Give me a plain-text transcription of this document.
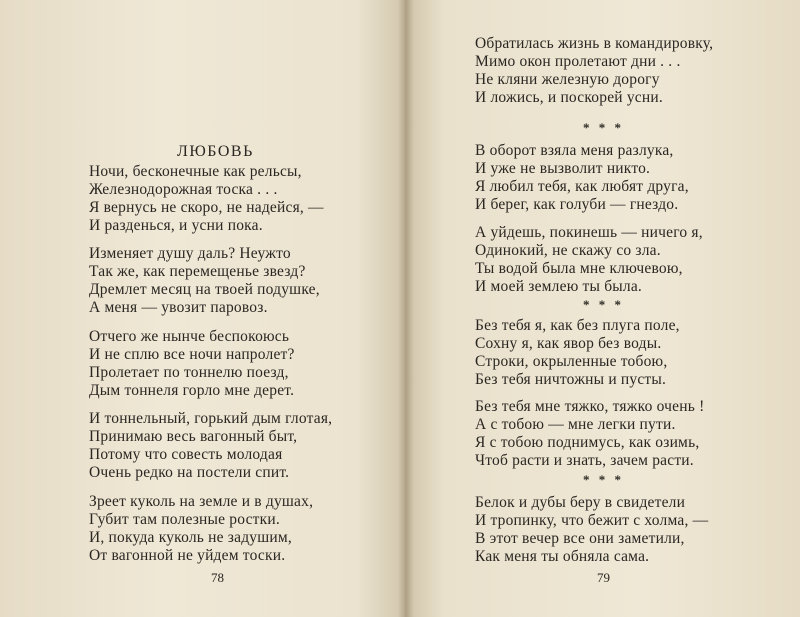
ЛЮБОВЬ
Ночи, бесконечные как рельсы,
Железнодорожная тоска . . .
Я вернусь не скоро, не надейся, —
И разденься, и усни пока.
Изменяет душу даль? Неужто
Так же, как перемещенье звезд?
Дремлет месяц на твоей подушке,
А меня — увозит паровоз.
Отчего же нынче беспокоюсь
И не сплю все ночи напролет?
Пролетает по тоннелю поезд,
Дым тоннеля горло мне дерет.
И тоннельный, горький дым глотая,
Принимаю весь вагонный быт,
Потому что совесть молодая
Очень редко на постели спит.
Зреет куколь на земле и в душах,
Губит там полезные ростки.
И, покуда куколь не задушим,
От вагонной не уйдем тоски.
78
Обратилась жизнь в командировку,
Мимо окон пролетают дни . . .
Не кляни железную дорогу
И ложись, и поскорей усни.
* * *
В оборот взяла меня разлука,
И уже не вызволит никто.
Я любил тебя, как любят друга,
И берег, как голуби — гнездо.
А уйдешь, покинешь — ничего я,
Одинокий, не скажу со зла.
Ты водой была мне ключевою,
И моей землею ты была.
* * *
Без тебя я, как без плуга поле,
Сохну я, как явор без воды.
Строки, окрыленные тобою,
Без тебя ничтожны и пусты.
Без тебя мне тяжко, тяжко очень !
А с тобою — мне легки пути.
Я с тобою поднимусь, как озимь,
Чтоб расти и знать, зачем расти.
* * *
Белок и дубы беру в свидетели
И тропинку, что бежит с холма, —
В этот вечер все они заметили,
Как меня ты обняла сама.
79
